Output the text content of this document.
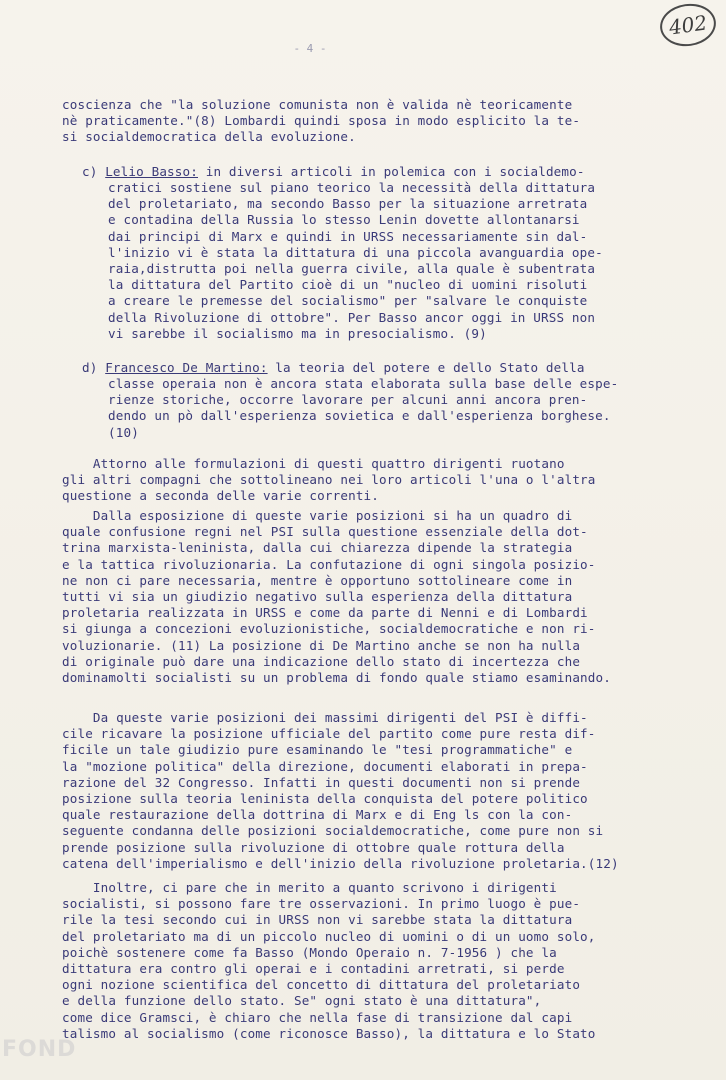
402
- 4 -
coscienza che "la soluzione comunista non è valida nè teoricamente
nè praticamente."(8) Lombardi quindi sposa in modo esplicito la te-
si socialdemocratica della evoluzione.
c) Lelio Basso: in diversi articoli in polemica con i socialdemo-
cratici sostiene sul piano teorico la necessità della dittatura
del proletariato, ma secondo Basso per la situazione arretrata
e contadina della Russia lo stesso Lenin dovette allontanarsi
dai principi di Marx e quindi in URSS necessariamente sin dal-
l'inizio vi è stata la dittatura di una piccola avanguardia ope-
raia,distrutta poi nella guerra civile, alla quale è subentrata
la dittatura del Partito cioè di un "nucleo di uomini risoluti
a creare le premesse del socialismo" per "salvare le conquiste
della Rivoluzione di ottobre". Per Basso ancor oggi in URSS non
vi sarebbe il socialismo ma in presocialismo. (9)
d) Francesco De Martino: la teoria del potere e dello Stato della
classe operaia non è ancora stata elaborata sulla base delle espe-
rienze storiche, occorre lavorare per alcuni anni ancora pren-
dendo un pò dall'esperienza sovietica e dall'esperienza borghese.
(10)
Attorno alle formulazioni di questi quattro dirigenti ruotano
gli altri compagni che sottolineano nei loro articoli l'una o l'altra
questione a seconda delle varie correnti.
Dalla esposizione di queste varie posizioni si ha un quadro di
quale confusione regni nel PSI sulla questione essenziale della dot-
trina marxista-leninista, dalla cui chiarezza dipende la strategia
e la tattica rivoluzionaria. La confutazione di ogni singola posizio-
ne non ci pare necessaria, mentre è opportuno sottolineare come in
tutti vi sia un giudizio negativo sulla esperienza della dittatura
proletaria realizzata in URSS e come da parte di Nenni e di Lombardi
si giunga a concezioni evoluzionistiche, socialdemocratiche e non ri-
voluzionarie. (11) La posizione di De Martino anche se non ha nulla
di originale può dare una indicazione dello stato di incertezza che
dominamolti socialisti su un problema di fondo quale stiamo esaminando.
Da queste varie posizioni dei massimi dirigenti del PSI è diffi-
cile ricavare la posizione ufficiale del partito come pure resta dif-
ficile un tale giudizio pure esaminando le "tesi programmatiche" e
la "mozione politica" della direzione, documenti elaborati in prepa-
razione del 32 Congresso. Infatti in questi documenti non si prende
posizione sulla teoria leninista della conquista del potere politico
quale restaurazione della dottrina di Marx e di Eng ls con la con-
seguente condanna delle posizioni socialdemocratiche, come pure non si
prende posizione sulla rivoluzione di ottobre quale rottura della
catena dell'imperialismo e dell'inizio della rivoluzione proletaria.(12)
Inoltre, ci pare che in merito a quanto scrivono i dirigenti
socialisti, si possono fare tre osservazioni. In primo luogo è pue-
rile la tesi secondo cui in URSS non vi sarebbe stata la dittatura
del proletariato ma di un piccolo nucleo di uomini o di un uomo solo,
poichè sostenere come fa Basso (Mondo Operaio n. 7-1956 ) che la
dittatura era contro gli operai e i contadini arretrati, si perde
ogni nozione scientifica del concetto di dittatura del proletariato
e della funzione dello stato. Se" ogni stato è una dittatura",
come dice Gramsci, è chiaro che nella fase di transizione dal capi
talismo al socialismo (come riconosce Basso), la dittatura e lo Stato
FOND
